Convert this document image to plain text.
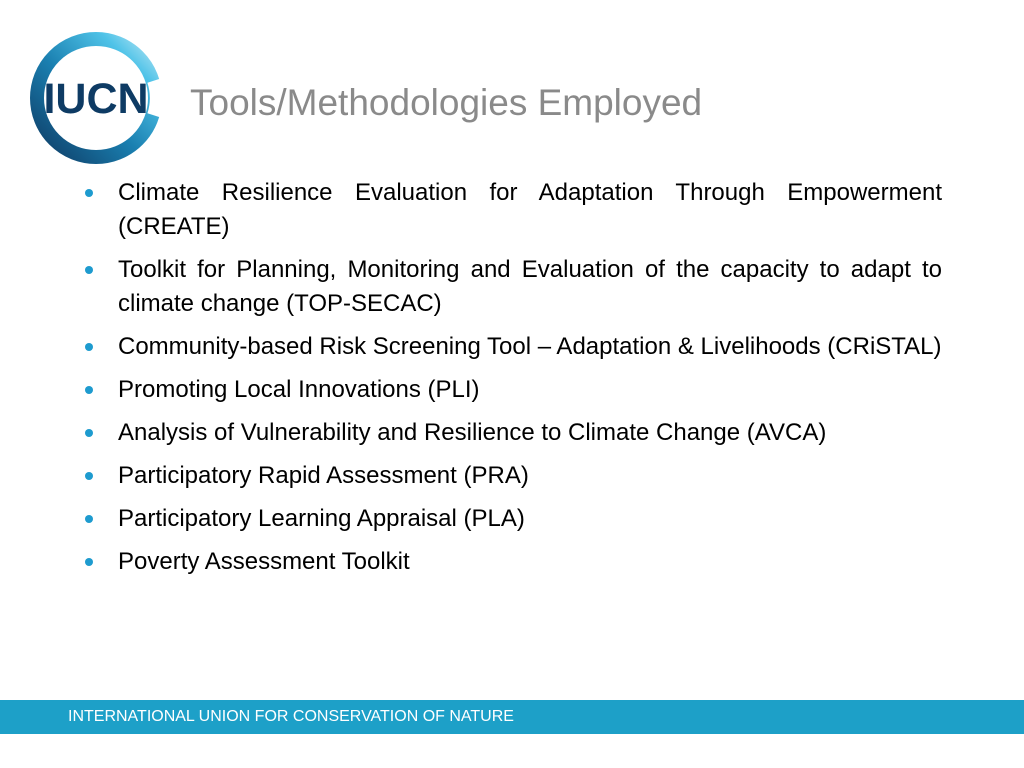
IUCN Tools/Methodologies Employed
Climate Resilience Evaluation for Adaptation Through Empowerment (CREATE)
Toolkit for Planning, Monitoring and Evaluation of the capacity to adapt to climate change (TOP-SECAC)
Community-based Risk Screening Tool – Adaptation & Livelihoods (CRiSTAL)
Promoting Local Innovations (PLI)
Analysis of Vulnerability and Resilience to Climate Change (AVCA)
Participatory Rapid Assessment (PRA)
Participatory Learning Appraisal (PLA)
Poverty Assessment Toolkit
INTERNATIONAL UNION FOR CONSERVATION OF NATURE
